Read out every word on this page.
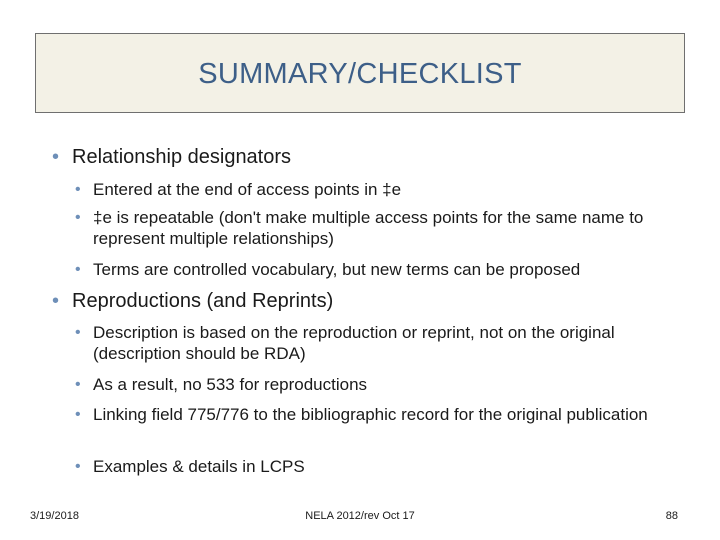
SUMMARY/CHECKLIST
• Relationship designators
• Entered at the end of access points in ‡e
• ‡e is repeatable (don't make multiple access points for the same name to represent multiple relationships)
• Terms are controlled vocabulary, but new terms can be proposed
• Reproductions (and Reprints)
• Description is based on the reproduction or reprint, not on the original (description should be RDA)
• As a result, no 533 for reproductions
• Linking field 775/776 to the bibliographic record for the original publication
• Examples & details in LCPS
3/19/2018	NELA 2012/rev Oct 17	88
